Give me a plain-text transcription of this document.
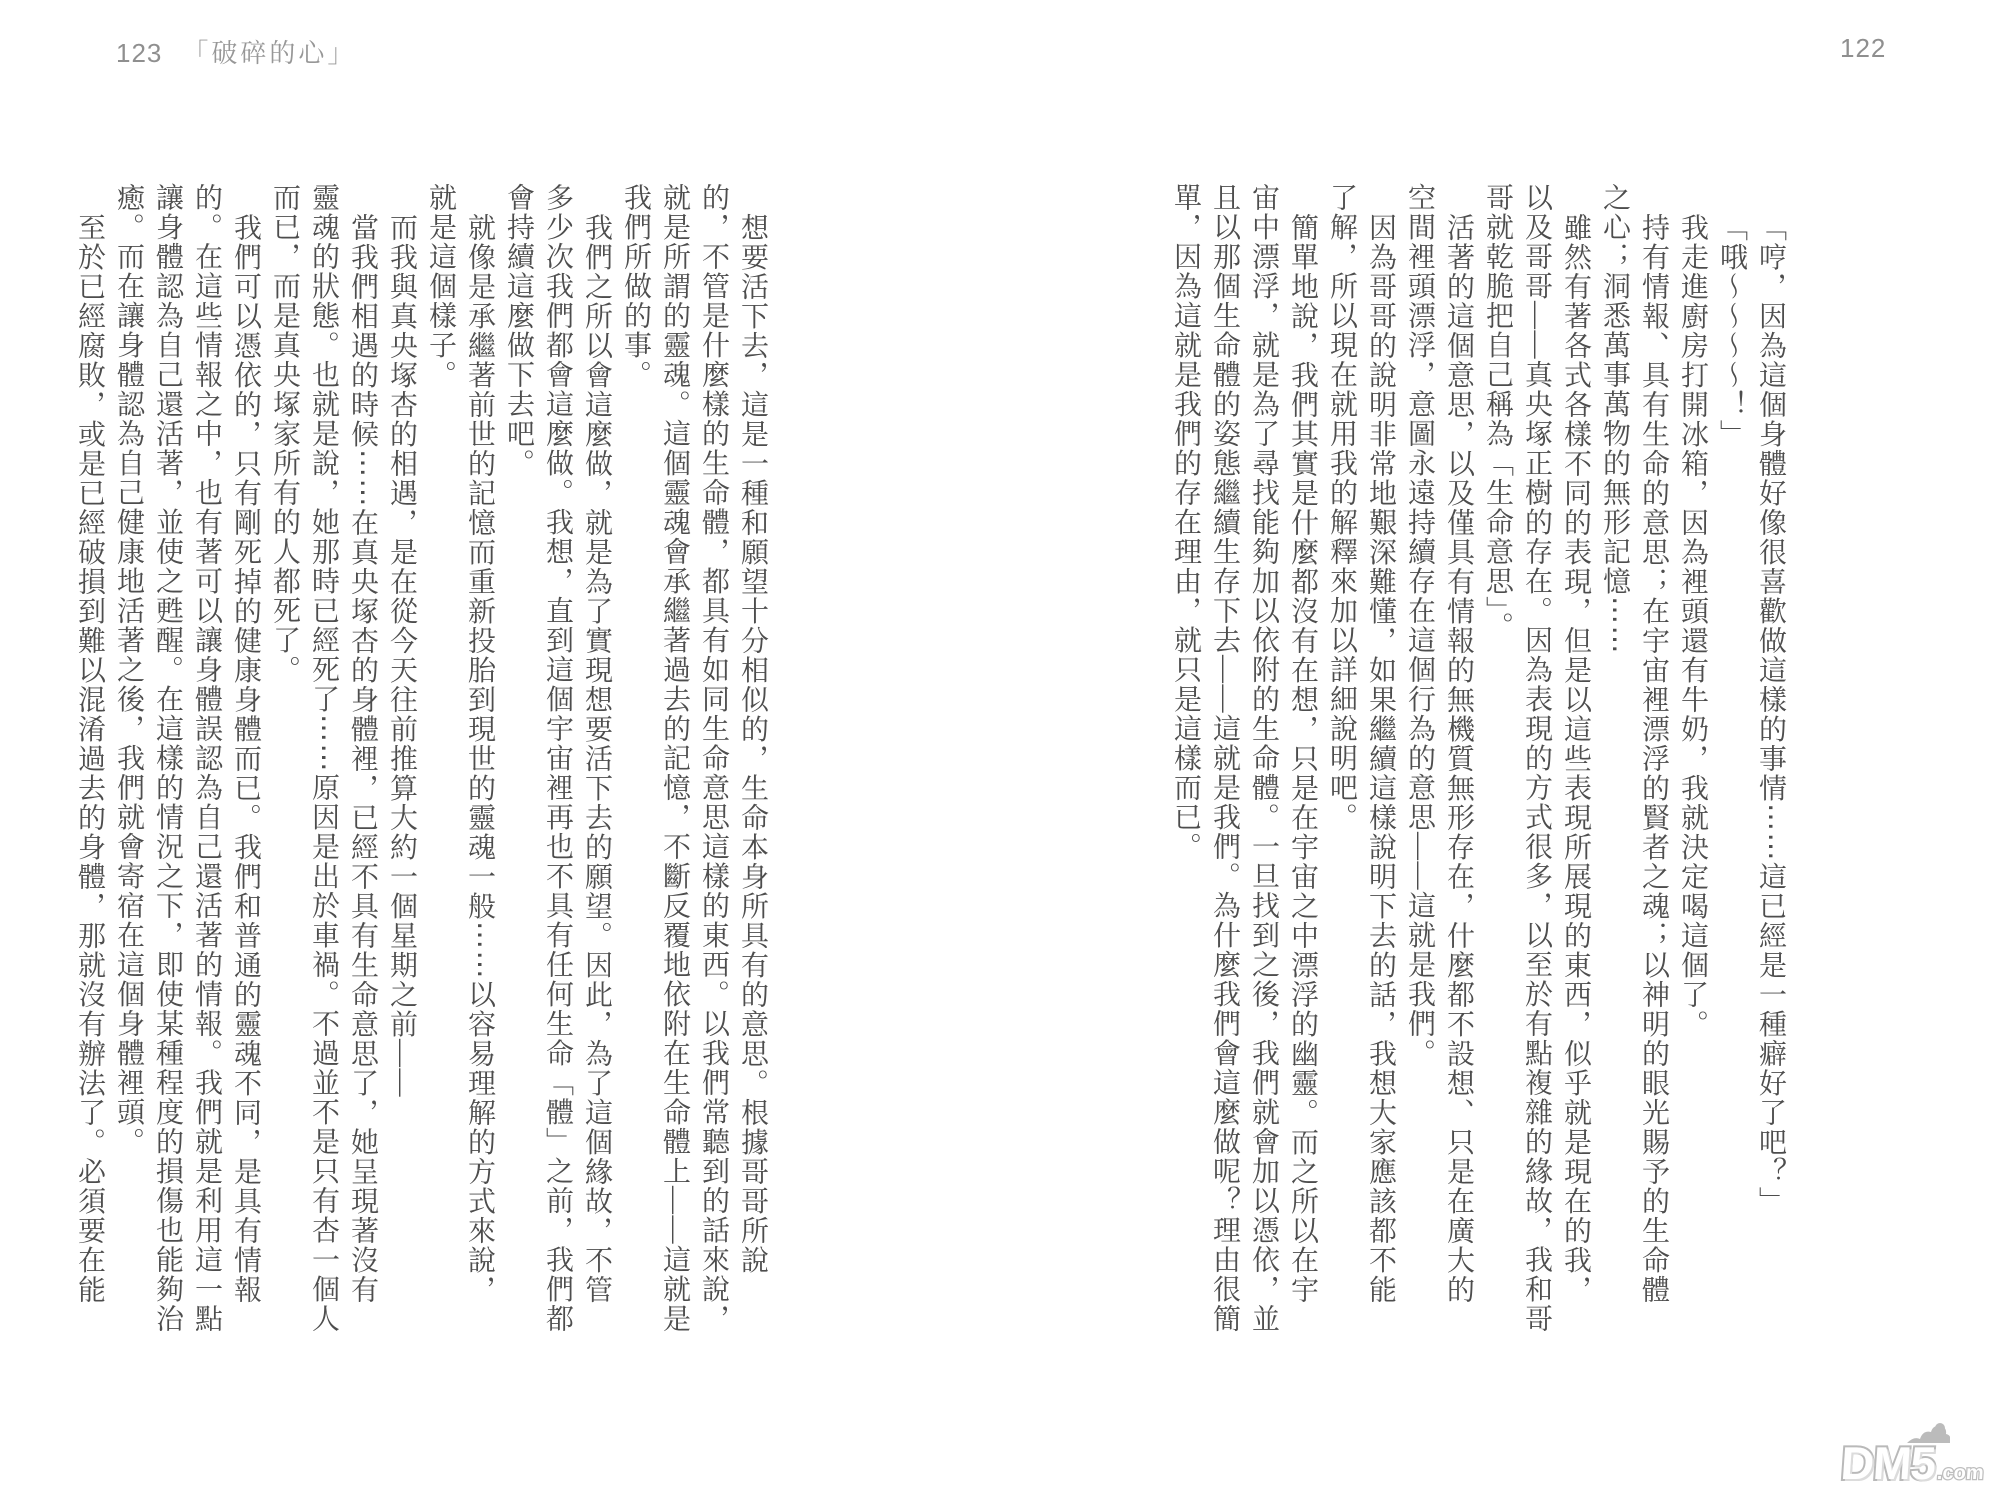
123 「破碎的心」	122
「哼，因為這個身體好像很喜歡做這樣的事情⋯⋯這已經是一種癖好了吧？」
「哦～～～～！」
我走進廚房打開冰箱，因為裡頭還有牛奶，我就決定喝這個了。
持有情報、具有生命的意思；在宇宙裡漂浮的賢者之魂；以神明的眼光賜予的生命體
之心；洞悉萬事萬物的無形記憶⋯⋯
雖然有著各式各樣不同的表現，但是以這些表現所展現的東西，似乎就是現在的我，
以及哥哥——真央塚正樹的存在。因為表現的方式很多，以至於有點複雜的緣故，我和哥
哥就乾脆把自己稱為「生命意思」。
活著的這個意思，以及僅具有情報的無機質無形存在，什麼都不設想、只是在廣大的
空間裡頭漂浮，意圖永遠持續存在這個行為的意思——這就是我們。
因為哥哥的說明非常地艱深難懂，如果繼續這樣說明下去的話，我想大家應該都不能
了解，所以現在就用我的解釋來加以詳細說明吧。
簡單地說，我們其實是什麼都沒有在想，只是在宇宙之中漂浮的幽靈。而之所以在宇
宙中漂浮，就是為了尋找能夠加以依附的生命體。一旦找到之後，我們就會加以憑依，並
且以那個生命體的姿態繼續生存下去——這就是我們。為什麼我們會這麼做呢？理由很簡
單，因為這就是我們的存在理由，就只是這樣而已。
想要活下去，這是一種和願望十分相似的，生命本身所具有的意思。根據哥哥所說
的，不管是什麼樣的生命體，都具有如同生命意思這樣的東西。以我們常聽到的話來說，
就是所謂的靈魂。這個靈魂會承繼著過去的記憶，不斷反覆地依附在生命體上——這就是
我們所做的事。
我們之所以會這麼做，就是為了實現想要活下去的願望。因此，為了這個緣故，不管
多少次我們都會這麼做。我想，直到這個宇宙裡再也不具有任何生命「體」之前，我們都
會持續這麼做下去吧。
就像是承繼著前世的記憶而重新投胎到現世的靈魂一般⋯⋯以容易理解的方式來說，
就是這個樣子。
而我與真央塚杏的相遇，是在從今天往前推算大約一個星期之前——
當我們相遇的時候⋯⋯在真央塚杏的身體裡，已經不具有生命意思了，她呈現著沒有
靈魂的狀態。也就是說，她那時已經死了⋯⋯原因是出於車禍。不過並不是只有杏一個人
而已，而是真央塚家所有的人都死了。
我們可以憑依的，只有剛死掉的健康身體而已。我們和普通的靈魂不同，是具有情報
的。在這些情報之中，也有著可以讓身體誤認為自己還活著的情報。我們就是利用這一點
讓身體認為自己還活著，並使之甦醒。在這樣的情況之下，即使某種程度的損傷也能夠治
癒。而在讓身體認為自己健康地活著之後，我們就會寄宿在這個身體裡頭。
至於已經腐敗，或是已經破損到難以混淆過去的身體，那就沒有辦法了。必須要在能
DM5 .com
